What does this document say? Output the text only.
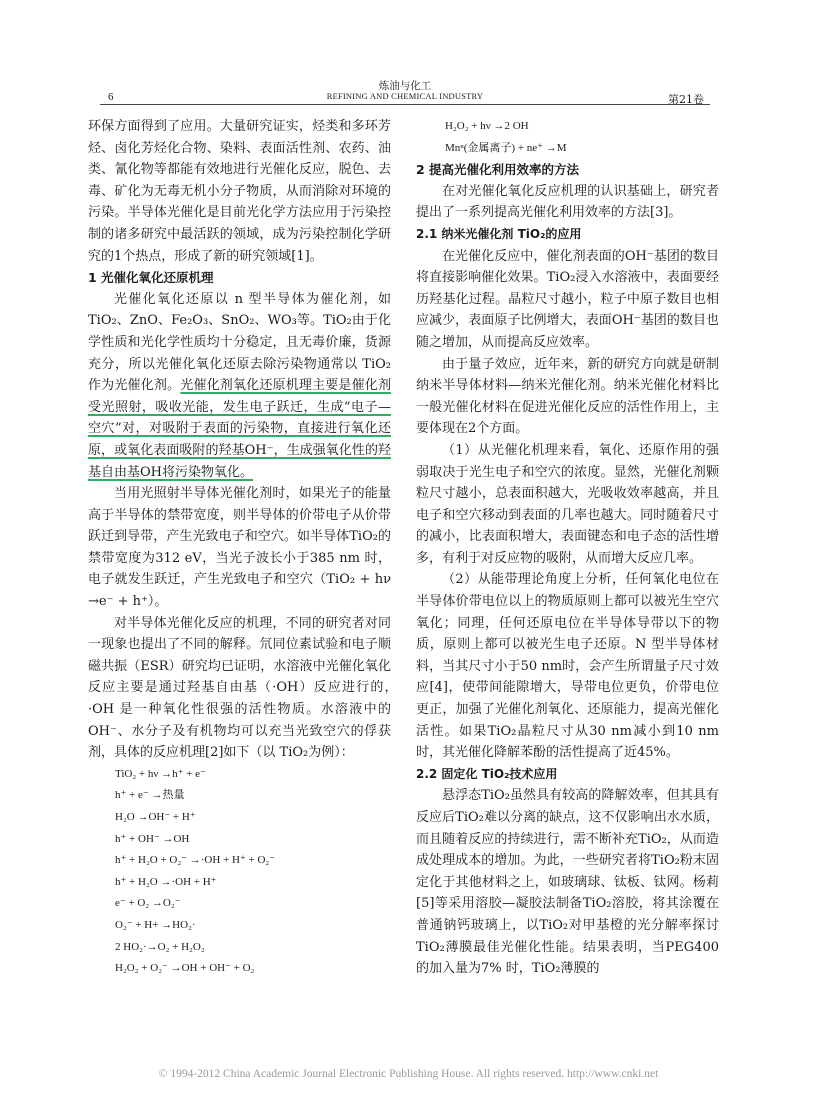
炼油与化工
6	REFINING AND CHEMICAL INDUSTRY	第21卷

环保方面得到了应用。大量研究证实，烃类和多环芳烃、卤化芳烃化合物、染料、表面活性剂、农药、油类、氰化物等都能有效地进行光催化反应，脱色、去毒、矿化为无毒无机小分子物质，从而消除对环境的污染。半导体光催化是目前光化学方法应用于污染控制的诸多研究中最活跃的领域，成为污染控制化学研究的1个热点，形成了新的研究领域[1]。

1 光催化氧化还原机理

光催化氧化还原以 n 型半导体为催化剂，如 TiO₂、ZnO、Fe₂O₃、SnO₂、WO₃等。TiO₂由于化学性质和光化学性质均十分稳定，且无毒价廉，货源充分，所以光催化氧化还原去除污染物通常以 TiO₂作为光催化剂。光催化剂氧化还原机理主要是催化剂受光照射，吸收光能，发生电子跃迁，生成“电子—空穴”对，对吸附于表面的污染物，直接进行氧化还原，或氧化表面吸附的羟基OH⁻，生成强氧化性的羟基自由基OH将污染物氧化。

当用光照射半导体光催化剂时，如果光子的能量高于半导体的禁带宽度，则半导体的价带电子从价带跃迁到导带，产生光致电子和空穴。如半导体TiO₂的禁带宽度为312 eV，当光子波长小于385 nm 时，电子就发生跃迁，产生光致电子和空穴（TiO₂ + hν →e⁻ + h⁺）。

对半导体光催化反应的机理，不同的研究者对同一现象也提出了不同的解释。氘同位素试验和电子顺磁共振（ESR）研究均已证明，水溶液中光催化氧化反应主要是通过羟基自由基（·OH）反应进行的，·OH 是一种氧化性很强的活性物质。水溶液中的 OH⁻、水分子及有机物均可以充当光致空穴的俘获剂，具体的反应机理[2]如下（以 TiO₂为例）：

TiO₂ + hν →h⁺ + e⁻

h⁺ + e⁻ →热量

H₂O →OH⁻ + H⁺

h⁺ + OH⁻ →OH

h⁺ + H₂O + O₂⁻ →·OH + H⁺ + O₂⁻

h⁺ + H₂O →·OH + H⁺

e⁻ + O₂ →O₂⁻

O₂⁻ + H+ →HO₂·

2 HO₂·→O₂ + H₂O₂

H₂O₂ + O₂⁻ →OH + OH⁻ + O₂

H₂O₂ + hν →2 OH

Mnⁿ(金属离子) + ne⁺ →M

2 提高光催化利用效率的方法

在对光催化氧化反应机理的认识基础上，研究者提出了一系列提高光催化利用效率的方法[3]。

2.1 纳米光催化剂 TiO₂的应用

在光催化反应中，催化剂表面的OH⁻基团的数目将直接影响催化效果。TiO₂浸入水溶液中，表面要经历羟基化过程。晶粒尺寸越小，粒子中原子数目也相应减少，表面原子比例增大，表面OH⁻基团的数目也随之增加，从而提高反应效率。

由于量子效应，近年来，新的研究方向就是研制纳米半导体材料—纳米光催化剂。纳米光催化材料比一般光催化材料在促进光催化反应的活性作用上，主要体现在2个方面。

（1）从光催化机理来看，氧化、还原作用的强弱取决于光生电子和空穴的浓度。显然，光催化剂颗粒尺寸越小，总表面积越大，光吸收效率越高，并且电子和空穴移动到表面的几率也越大。同时随着尺寸的减小，比表面积增大，表面键态和电子态的活性增多，有利于对反应物的吸附，从而增大反应几率。

（2）从能带理论角度上分析，任何氧化电位在半导体价带电位以上的物质原则上都可以被光生空穴氧化；同理，任何还原电位在半导体导带以下的物质，原则上都可以被光生电子还原。N 型半导体材料，当其尺寸小于50 nm时，会产生所谓量子尺寸效应[4]，使带间能隙增大，导带电位更负，价带电位更正，加强了光催化剂氧化、还原能力，提高光催化活性。如果TiO₂晶粒尺寸从30 nm减小到10 nm 时，其光催化降解苯酚的活性提高了近45%。

2.2 固定化 TiO₂技术应用

悬浮态TiO₂虽然具有较高的降解效率，但其具有反应后TiO₂难以分离的缺点，这不仅影响出水水质，而且随着反应的持续进行，需不断补充TiO₂，从而造成处理成本的增加。为此，一些研究者将TiO₂粉末固定化于其他材料之上，如玻璃球、钛板、钛网。杨莉[5]等采用溶胶—凝胶法制备TiO₂溶胶，将其涂覆在普通钠钙玻璃上，以TiO₂对甲基橙的光分解率探讨TiO₂薄膜最佳光催化性能。结果表明，当PEG400 的加入量为7% 时，TiO₂薄膜的

© 1994-2012 China Academic Journal Electronic Publishing House. All rights reserved. http://www.cnki.net
